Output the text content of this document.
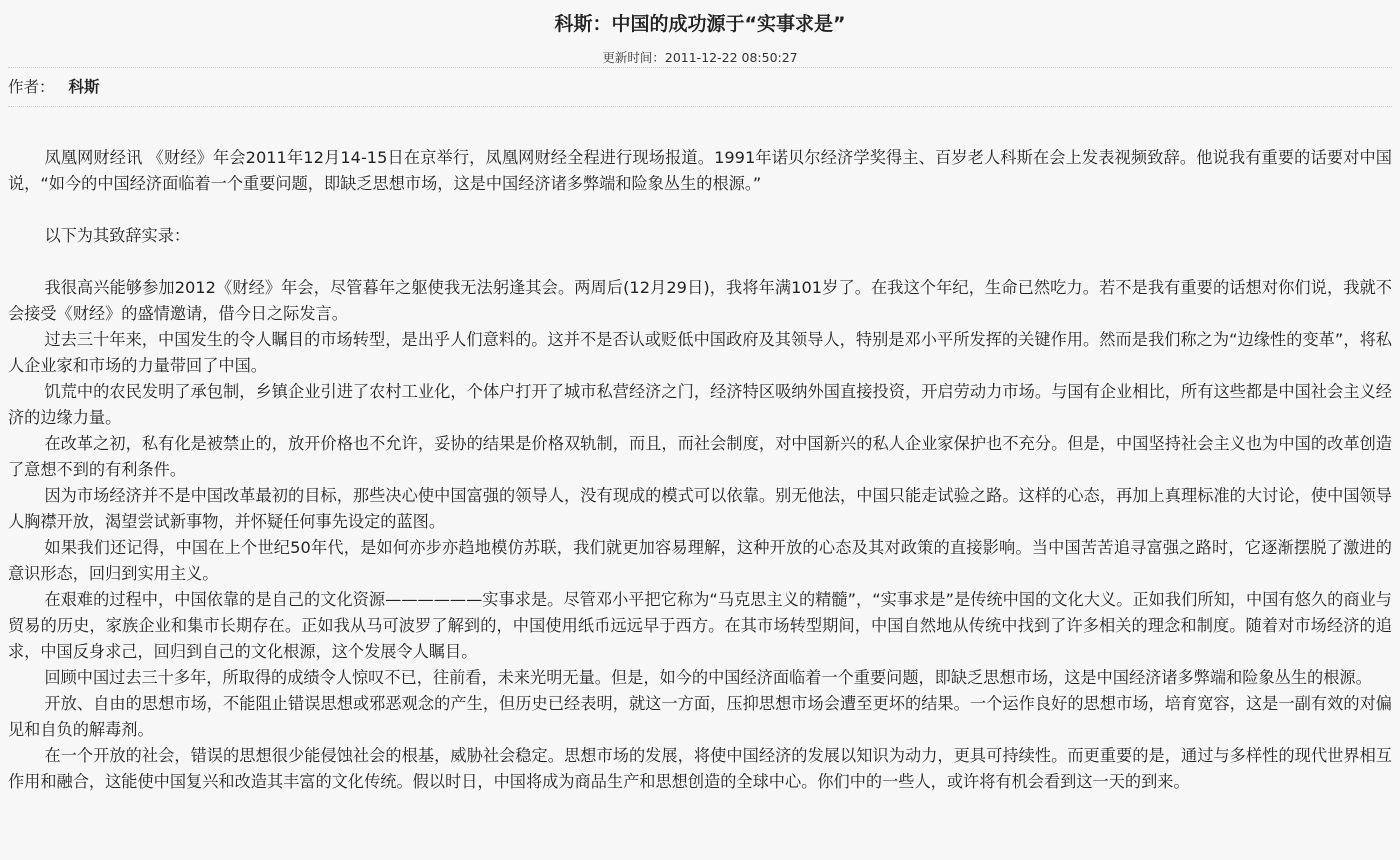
科斯：中国的成功源于“实事求是”
更新时间：2011-12-22 08:50:27
作者： 科斯

凤凰网财经讯 《财经》年会2011年12月14-15日在京举行，凤凰网财经全程进行现场报道。1991年诺贝尔经济学奖得主、百岁老人科斯在会上发表视频致辞。他说我有重要的话要对中国说，“如今的中国经济面临着一个重要问题，即缺乏思想市场，这是中国经济诸多弊端和险象丛生的根源。”

以下为其致辞实录：

我很高兴能够参加2012《财经》年会，尽管暮年之躯使我无法躬逢其会。两周后(12月29日)，我将年满101岁了。在我这个年纪，生命已然吃力。若不是我有重要的话想对你们说，我就不会接受《财经》的盛情邀请，借今日之际发言。

过去三十年来，中国发生的令人瞩目的市场转型，是出乎人们意料的。这并不是否认或贬低中国政府及其领导人，特别是邓小平所发挥的关键作用。然而是我们称之为“边缘性的变革”，将私人企业家和市场的力量带回了中国。

饥荒中的农民发明了承包制，乡镇企业引进了农村工业化，个体户打开了城市私营经济之门，经济特区吸纳外国直接投资，开启劳动力市场。与国有企业相比，所有这些都是中国社会主义经济的边缘力量。

在改革之初，私有化是被禁止的，放开价格也不允许，妥协的结果是价格双轨制，而且，而社会制度，对中国新兴的私人企业家保护也不充分。但是，中国坚持社会主义也为中国的改革创造了意想不到的有利条件。

因为市场经济并不是中国改革最初的目标，那些决心使中国富强的领导人，没有现成的模式可以依靠。别无他法，中国只能走试验之路。这样的心态，再加上真理标准的大讨论，使中国领导人胸襟开放，渴望尝试新事物，并怀疑任何事先设定的蓝图。

如果我们还记得，中国在上个世纪50年代，是如何亦步亦趋地模仿苏联，我们就更加容易理解，这种开放的心态及其对政策的直接影响。当中国苦苦追寻富强之路时，它逐渐摆脱了激进的意识形态，回归到实用主义。

在艰难的过程中，中国依靠的是自己的文化资源——————实事求是。尽管邓小平把它称为“马克思主义的精髓”，“实事求是”是传统中国的文化大义。正如我们所知，中国有悠久的商业与贸易的历史，家族企业和集市长期存在。正如我从马可波罗了解到的，中国使用纸币远远早于西方。在其市场转型期间，中国自然地从传统中找到了许多相关的理念和制度。随着对市场经济的追求，中国反身求己，回归到自己的文化根源，这个发展令人瞩目。

回顾中国过去三十多年，所取得的成绩令人惊叹不已，往前看，未来光明无量。但是，如今的中国经济面临着一个重要问题，即缺乏思想市场，这是中国经济诸多弊端和险象丛生的根源。

开放、自由的思想市场，不能阻止错误思想或邪恶观念的产生，但历史已经表明，就这一方面，压抑思想市场会遭至更坏的结果。一个运作良好的思想市场，培育宽容，这是一副有效的对偏见和自负的解毒剂。

在一个开放的社会，错误的思想很少能侵蚀社会的根基，威胁社会稳定。思想市场的发展，将使中国经济的发展以知识为动力，更具可持续性。而更重要的是，通过与多样性的现代世界相互作用和融合，这能使中国复兴和改造其丰富的文化传统。假以时日，中国将成为商品生产和思想创造的全球中心。你们中的一些人，或许将有机会看到这一天的到来。
